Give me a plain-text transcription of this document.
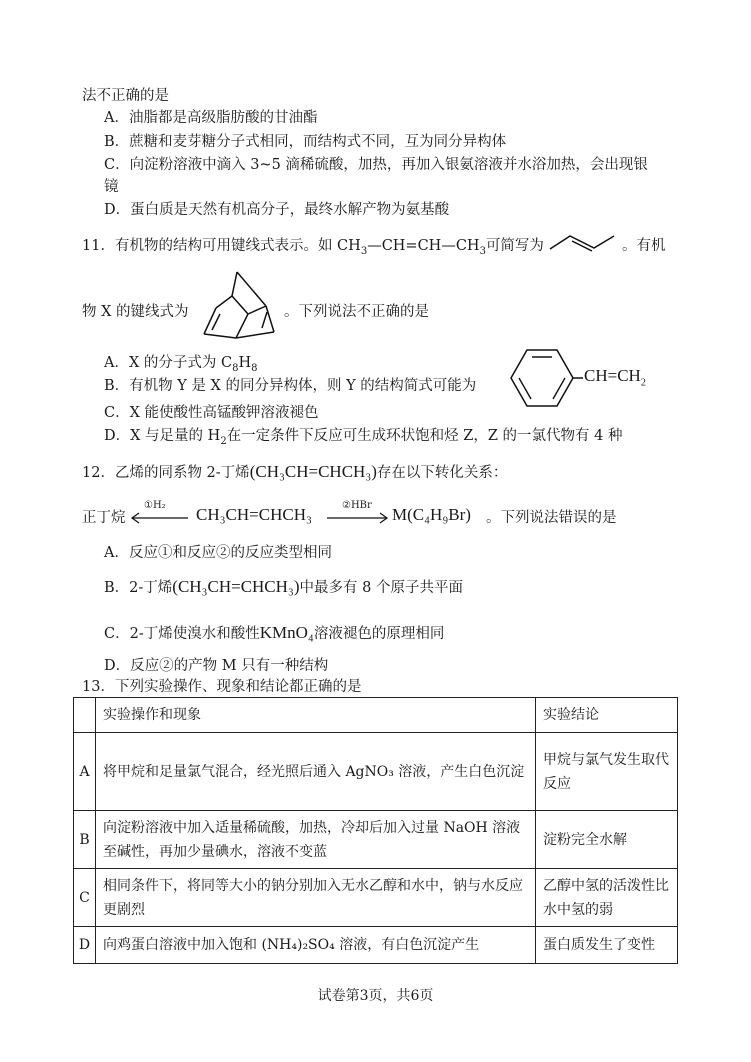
法不正确的是
A．油脂都是高级脂肪酸的甘油酯
B．蔗糖和麦芽糖分子式相同，而结构式不同，互为同分异构体
C．向淀粉溶液中滴入 3~5 滴稀硫酸，加热，再加入银氨溶液并水浴加热，会出现银
镜
D．蛋白质是天然有机高分子，最终水解产物为氨基酸
11．有机物的结构可用键线式表示。如 $CH_3—CH=CH—CH_3$可简写为	。有机
物 X 的键线式为	。下列说法不正确的是
A．X 的分子式为 $C_8H_8$
B．有机物 Y 是 X 的同分异构体，则 Y 的结构简式可能为
$CH=CH_2$
C．X 能使酸性高锰酸钾溶液褪色
D．X 与足量的 $H_2$在一定条件下反应可生成环状饱和烃 Z，Z 的一氯代物有 4 种
12．乙烯的同系物 2-丁烯(CH₃CH=CHCH₃)存在以下转化关系：
正丁烷
①H₂ CH₃CH=CHCH₃	②HBr M(C₄H₉Br) 。下列说法错误的是
A．反应①和反应②的反应类型相同
B．2-丁烯(CH₃CH=CHCH₃)中最多有 8 个原子共平面
C．2-丁烯使溴水和酸性KMnO₄溶液褪色的原理相同
D．反应②的产物 M 只有一种结构
13．下列实验操作、现象和结论都正确的是
	实验操作和现象	实验结论
A	将甲烷和足量氯气混合，经光照后通入 AgNO₃ 溶液，产生白色沉淀	甲烷与氯气发生取代反应
B	向淀粉溶液中加入适量稀硫酸，加热，冷却后加入过量 NaOH 溶液至碱性，再加少量碘水，溶液不变蓝	淀粉完全水解
C	相同条件下，将同等大小的钠分别加入无水乙醇和水中，钠与水反应更剧烈	乙醇中氢的活泼性比水中氢的弱
D	向鸡蛋白溶液中加入饱和 (NH₄)₂SO₄ 溶液，有白色沉淀产生	蛋白质发生了变性
试卷第3页，共6页
